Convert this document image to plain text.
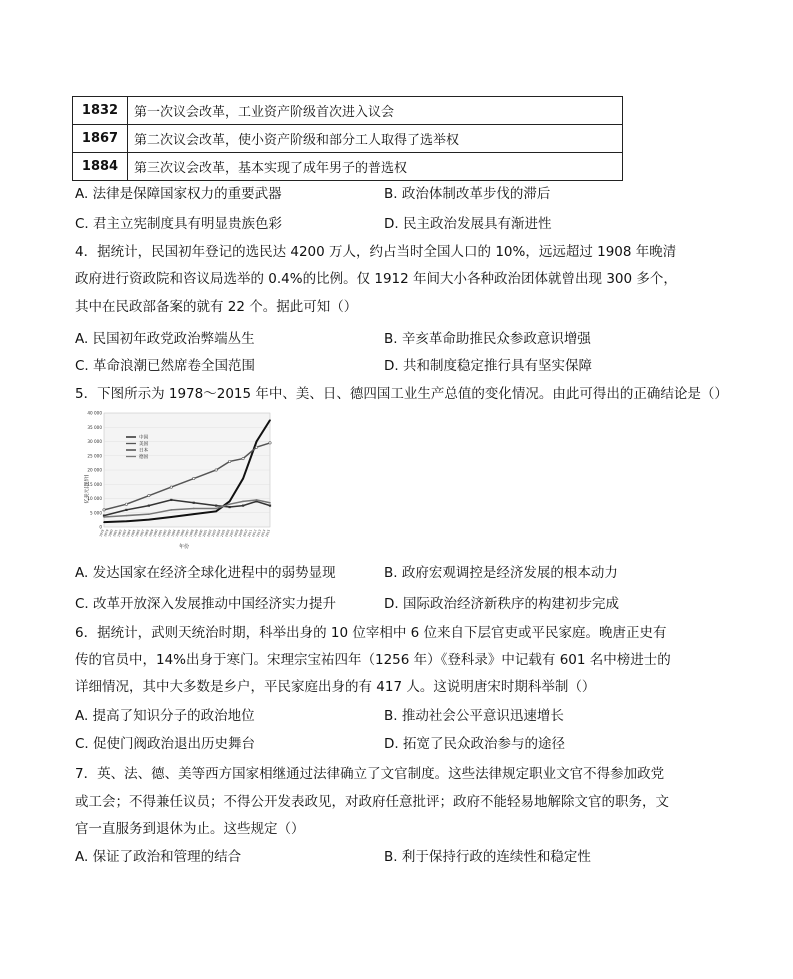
1832	第一次议会改革，工业资产阶级首次进入议会
1867	第二次议会改革，使小资产阶级和部分工人取得了选举权
1884	第三次议会改革，基本实现了成年男子的普选权
A. 法律是保障国家权力的重要武器	B. 政治体制改革步伐的滞后
C. 君主立宪制度具有明显贵族色彩	D. 民主政治发展具有渐进性
4．据统计，民国初年登记的选民达 4200 万人，约占当时全国人口的 10%，远远超过 1908 年晚清
政府进行资政院和咨议局选举的 0.4%的比例。仅 1912 年间大小各种政治团体就曾出现 300 多个，
其中在民政部备案的就有 22 个。据此可知（）
A. 民国初年政党政治弊端丛生	B. 辛亥革命助推民众参政意识增强
C. 革命浪潮已然席卷全国范围	D. 共和制度稳定推行具有坚实保障
5．下图所示为 1978～2015 年中、美、日、德四国工业生产总值的变化情况。由此可得出的正确结论是（）
40 000
35 000
30 000
25 000
20 000
15 000
10 000
5 000
0
1978
1979
1980
1981
1982
1983
1984
1985
1986
1987
1988
1989
1990
1991
1992
1993
1994
1995
1996
1997
1998
1999
2000
2001
2002
2003
2004
2005
2006
2007
2008
2009
2010
2011
2012
2013
2014
2015
中国
美国
日本
德国
亿美元(现价)
年份
A. 发达国家在经济全球化进程中的弱势显现	B. 政府宏观调控是经济发展的根本动力
C. 改革开放深入发展推动中国经济实力提升	D. 国际政治经济新秩序的构建初步完成
6．据统计，武则天统治时期，科举出身的 10 位宰相中 6 位来自下层官吏或平民家庭。晚唐正史有
传的官员中，14%出身于寒门。宋理宗宝祐四年（1256 年）《登科录》中记载有 601 名中榜进士的
详细情况，其中大多数是乡户，平民家庭出身的有 417 人。这说明唐宋时期科举制（）
A. 提高了知识分子的政治地位	B. 推动社会公平意识迅速增长
C. 促使门阀政治退出历史舞台	D. 拓宽了民众政治参与的途径
7．英、法、德、美等西方国家相继通过法律确立了文官制度。这些法律规定职业文官不得参加政党
或工会；不得兼任议员；不得公开发表政见，对政府任意批评；政府不能轻易地解除文官的职务，文
官一直服务到退休为止。这些规定（）
A. 保证了政治和管理的结合	B. 利于保持行政的连续性和稳定性
